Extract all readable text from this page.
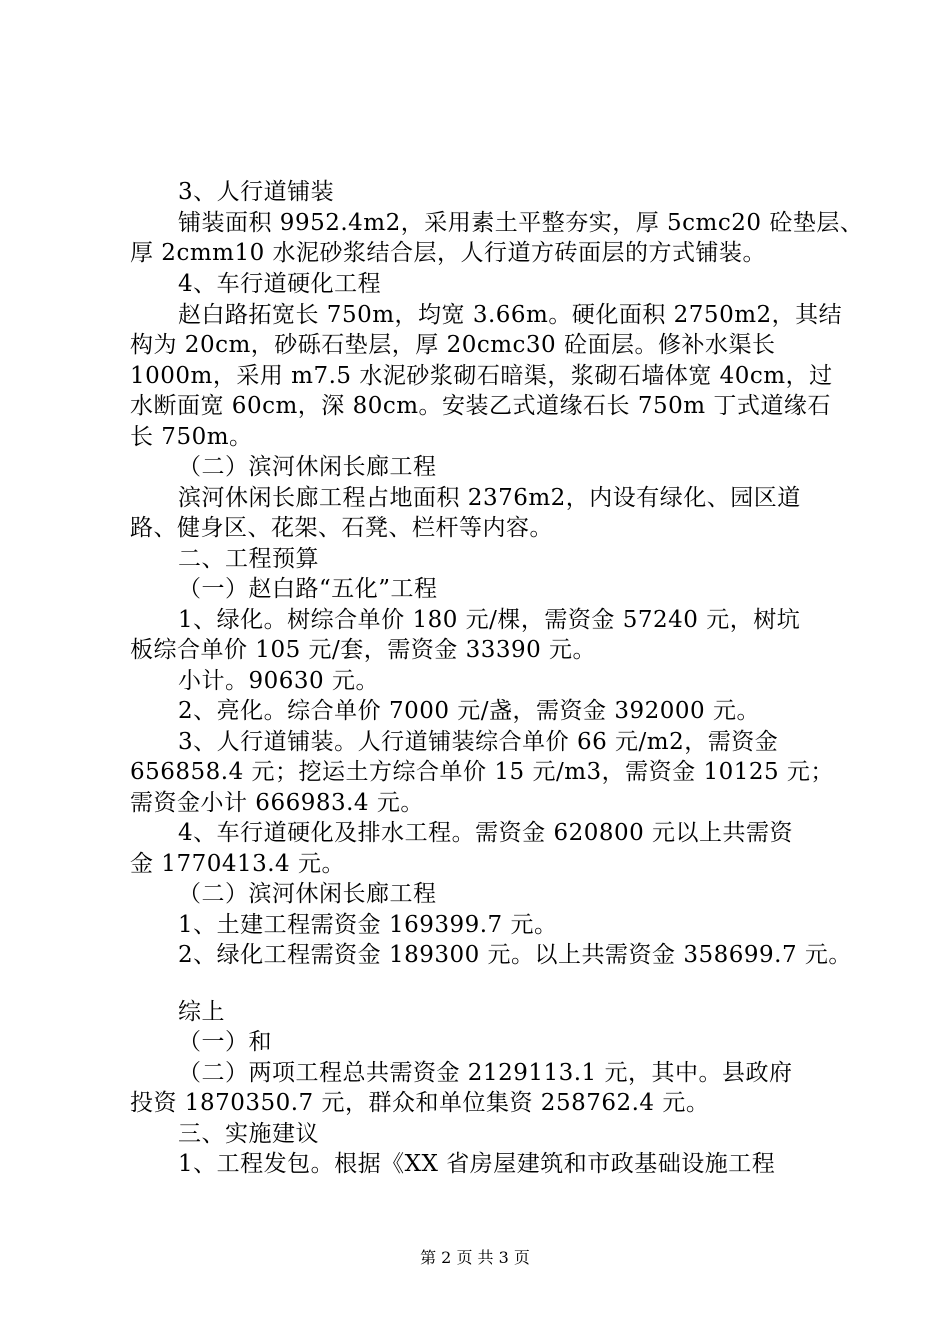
3、人行道铺装
铺装面积 9952.4m2，采用素土平整夯实，厚 5cmc20 砼垫层、
厚 2cmm10 水泥砂浆结合层，人行道方砖面层的方式铺装。
4、车行道硬化工程
赵白路拓宽长 750m，均宽 3.66m。硬化面积 2750m2，其结
构为 20cm，砂砾石垫层，厚 20cmc30 砼面层。修补水渠长
1000m，采用 m7.5 水泥砂浆砌石暗渠，浆砌石墙体宽 40cm，过
水断面宽 60cm，深 80cm。安装乙式道缘石长 750m 丁式道缘石
长 750m。
（二）滨河休闲长廊工程
滨河休闲长廊工程占地面积 2376m2，内设有绿化、园区道
路、健身区、花架、石凳、栏杆等内容。
二、工程预算
（一）赵白路“五化”工程
1、绿化。树综合单价 180 元/棵，需资金 57240 元，树坑
板综合单价 105 元/套，需资金 33390 元。
小计。90630 元。
2、亮化。综合单价 7000 元/盏，需资金 392000 元。
3、人行道铺装。人行道铺装综合单价 66 元/m2，需资金
656858.4 元；挖运土方综合单价 15 元/m3，需资金 10125 元；
需资金小计 666983.4 元。
4、车行道硬化及排水工程。需资金 620800 元以上共需资
金 1770413.4 元。
（二）滨河休闲长廊工程
1、土建工程需资金 169399.7 元。
2、绿化工程需资金 189300 元。以上共需资金 358699.7 元。
综上
（一）和
（二）两项工程总共需资金 2129113.1 元，其中。县政府
投资 1870350.7 元，群众和单位集资 258762.4 元。
三、实施建议
1、工程发包。根据《XX 省房屋建筑和市政基础设施工程
第 2 页 共 3 页
